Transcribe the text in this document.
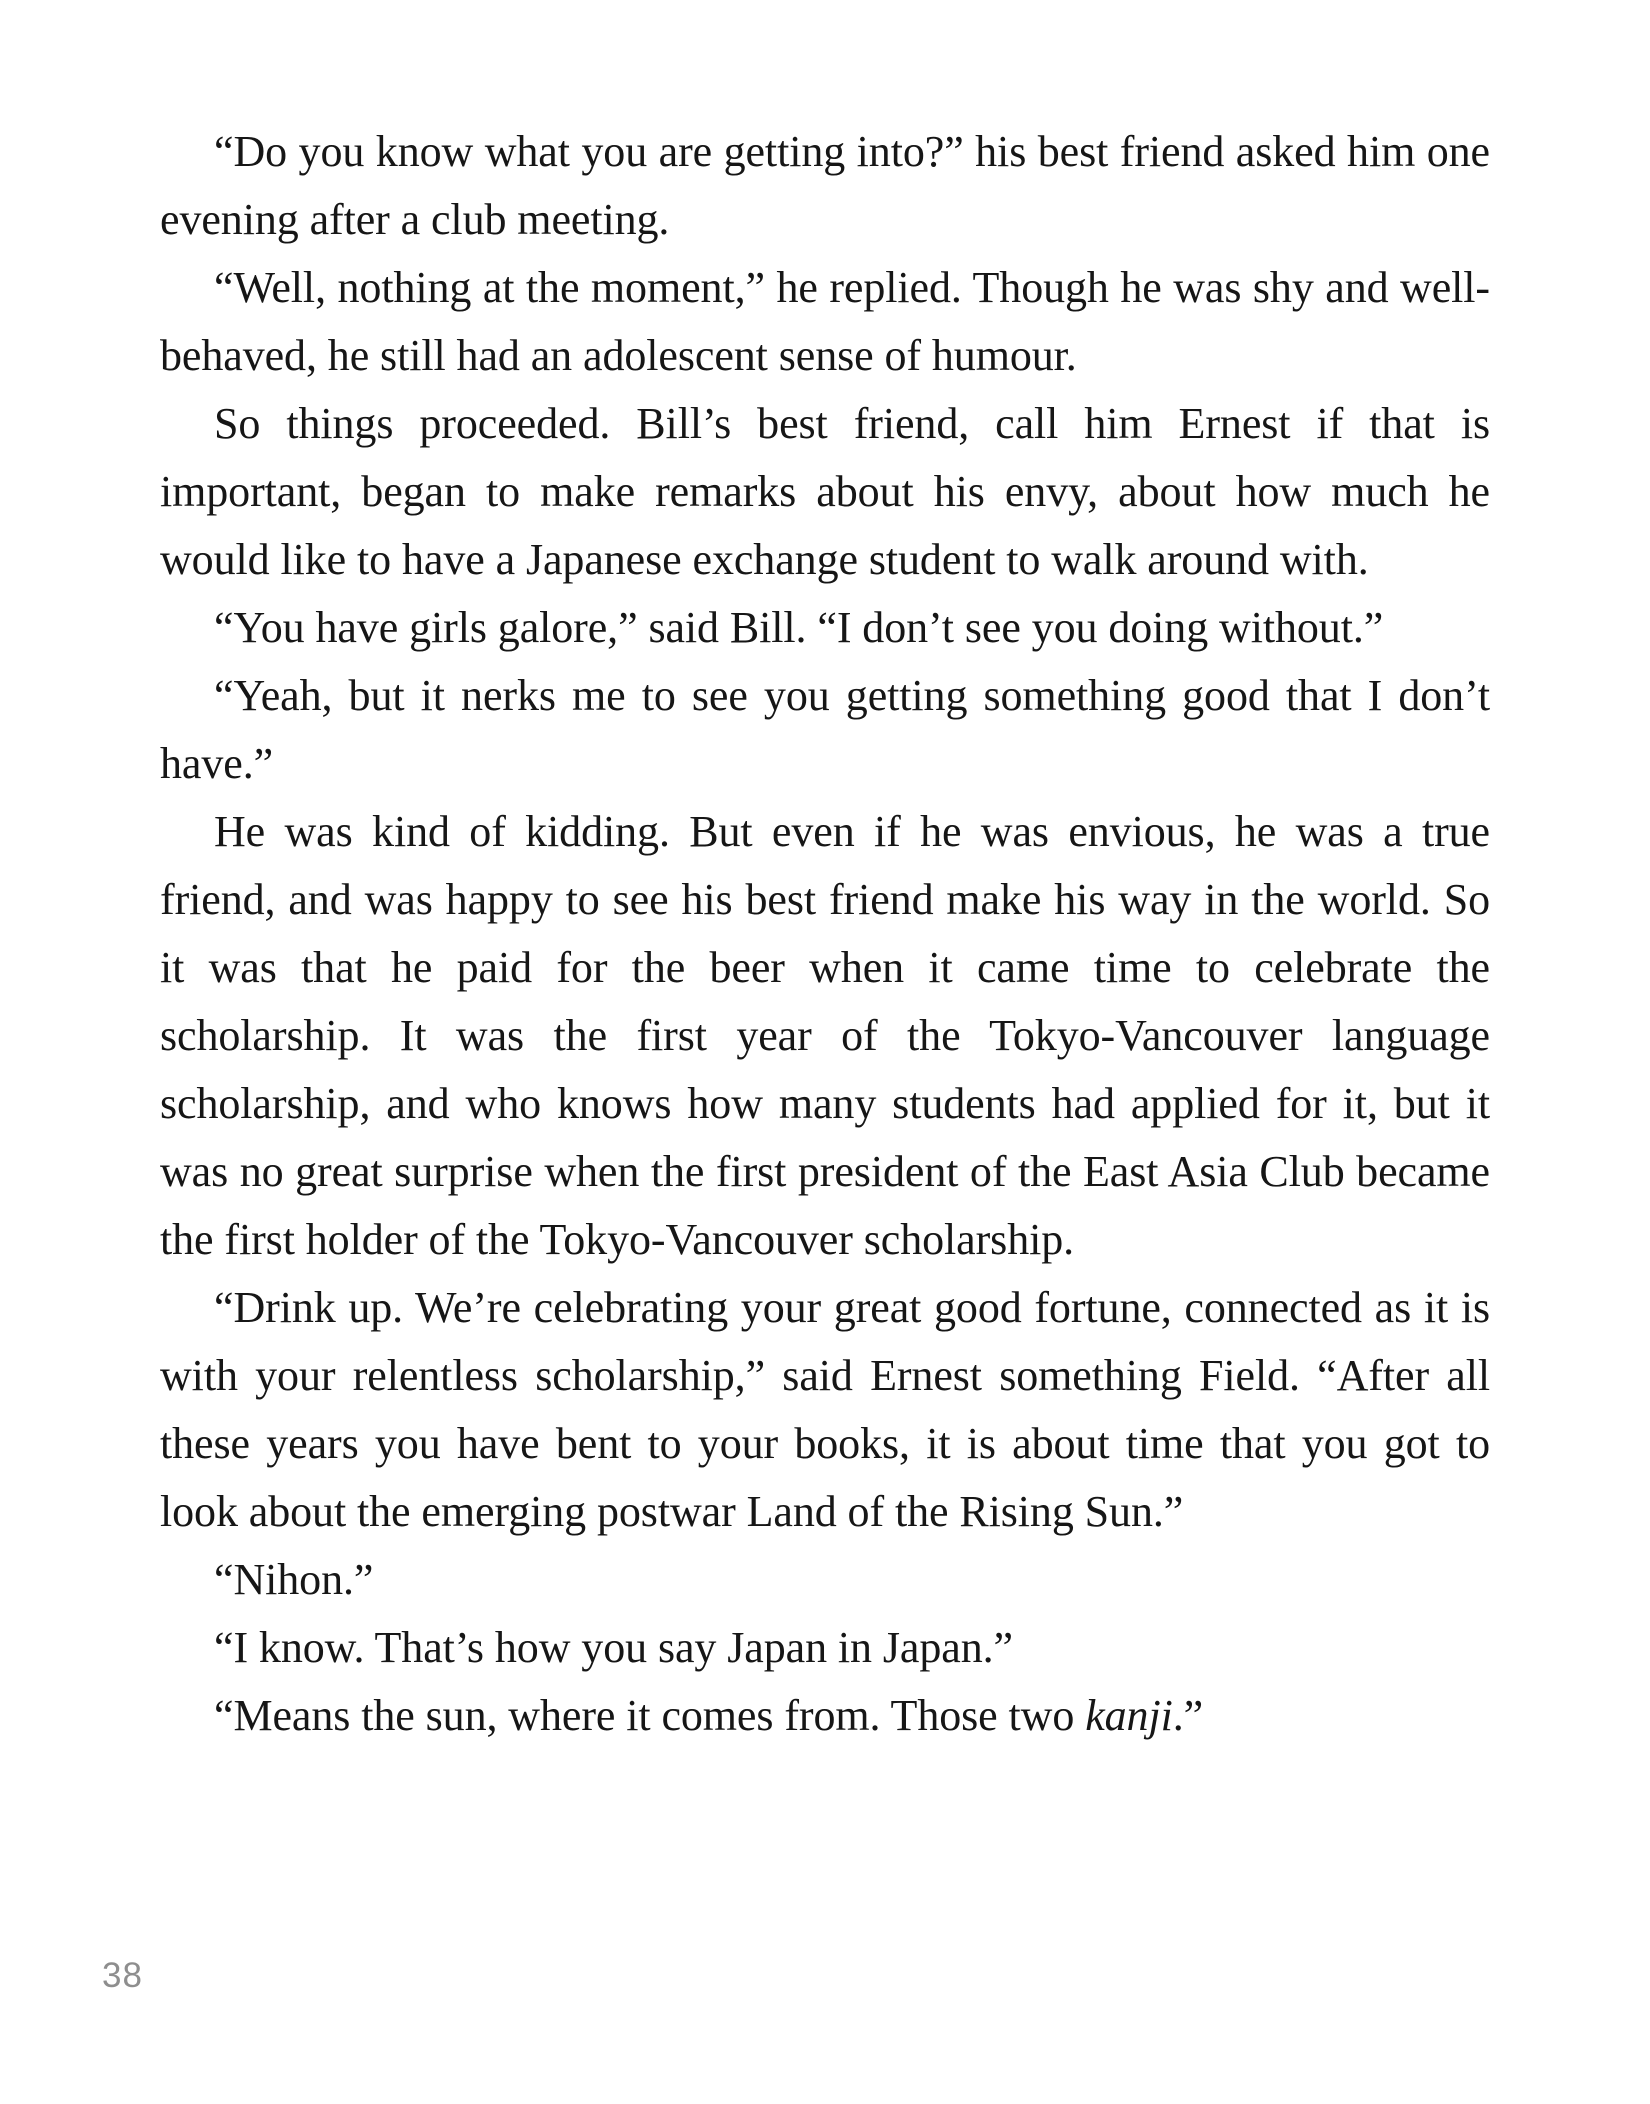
“Do you know what you are getting into?” his best friend asked him one evening after a club meeting.

“Well, nothing at the moment,” he replied. Though he was shy and well-behaved, he still had an adolescent sense of humour.

So things proceeded. Bill’s best friend, call him Ernest if that is important, began to make remarks about his envy, about how much he would like to have a Japanese exchange student to walk around with.

“You have girls galore,” said Bill. “I don’t see you doing without.”

“Yeah, but it nerks me to see you getting something good that I don’t have.”

He was kind of kidding. But even if he was envious, he was a true friend, and was happy to see his best friend make his way in the world. So it was that he paid for the beer when it came time to celebrate the scholarship. It was the first year of the Tokyo-Vancouver language scholarship, and who knows how many students had applied for it, but it was no great surprise when the first president of the East Asia Club became the first holder of the Tokyo-Vancouver scholarship.

“Drink up. We’re celebrating your great good fortune, connected as it is with your relentless scholarship,” said Ernest something Field. “After all these years you have bent to your books, it is about time that you got to look about the emerging postwar Land of the Rising Sun.”

“Nihon.”

“I know. That’s how you say Japan in Japan.”

“Means the sun, where it comes from. Those two kanji.”

38
